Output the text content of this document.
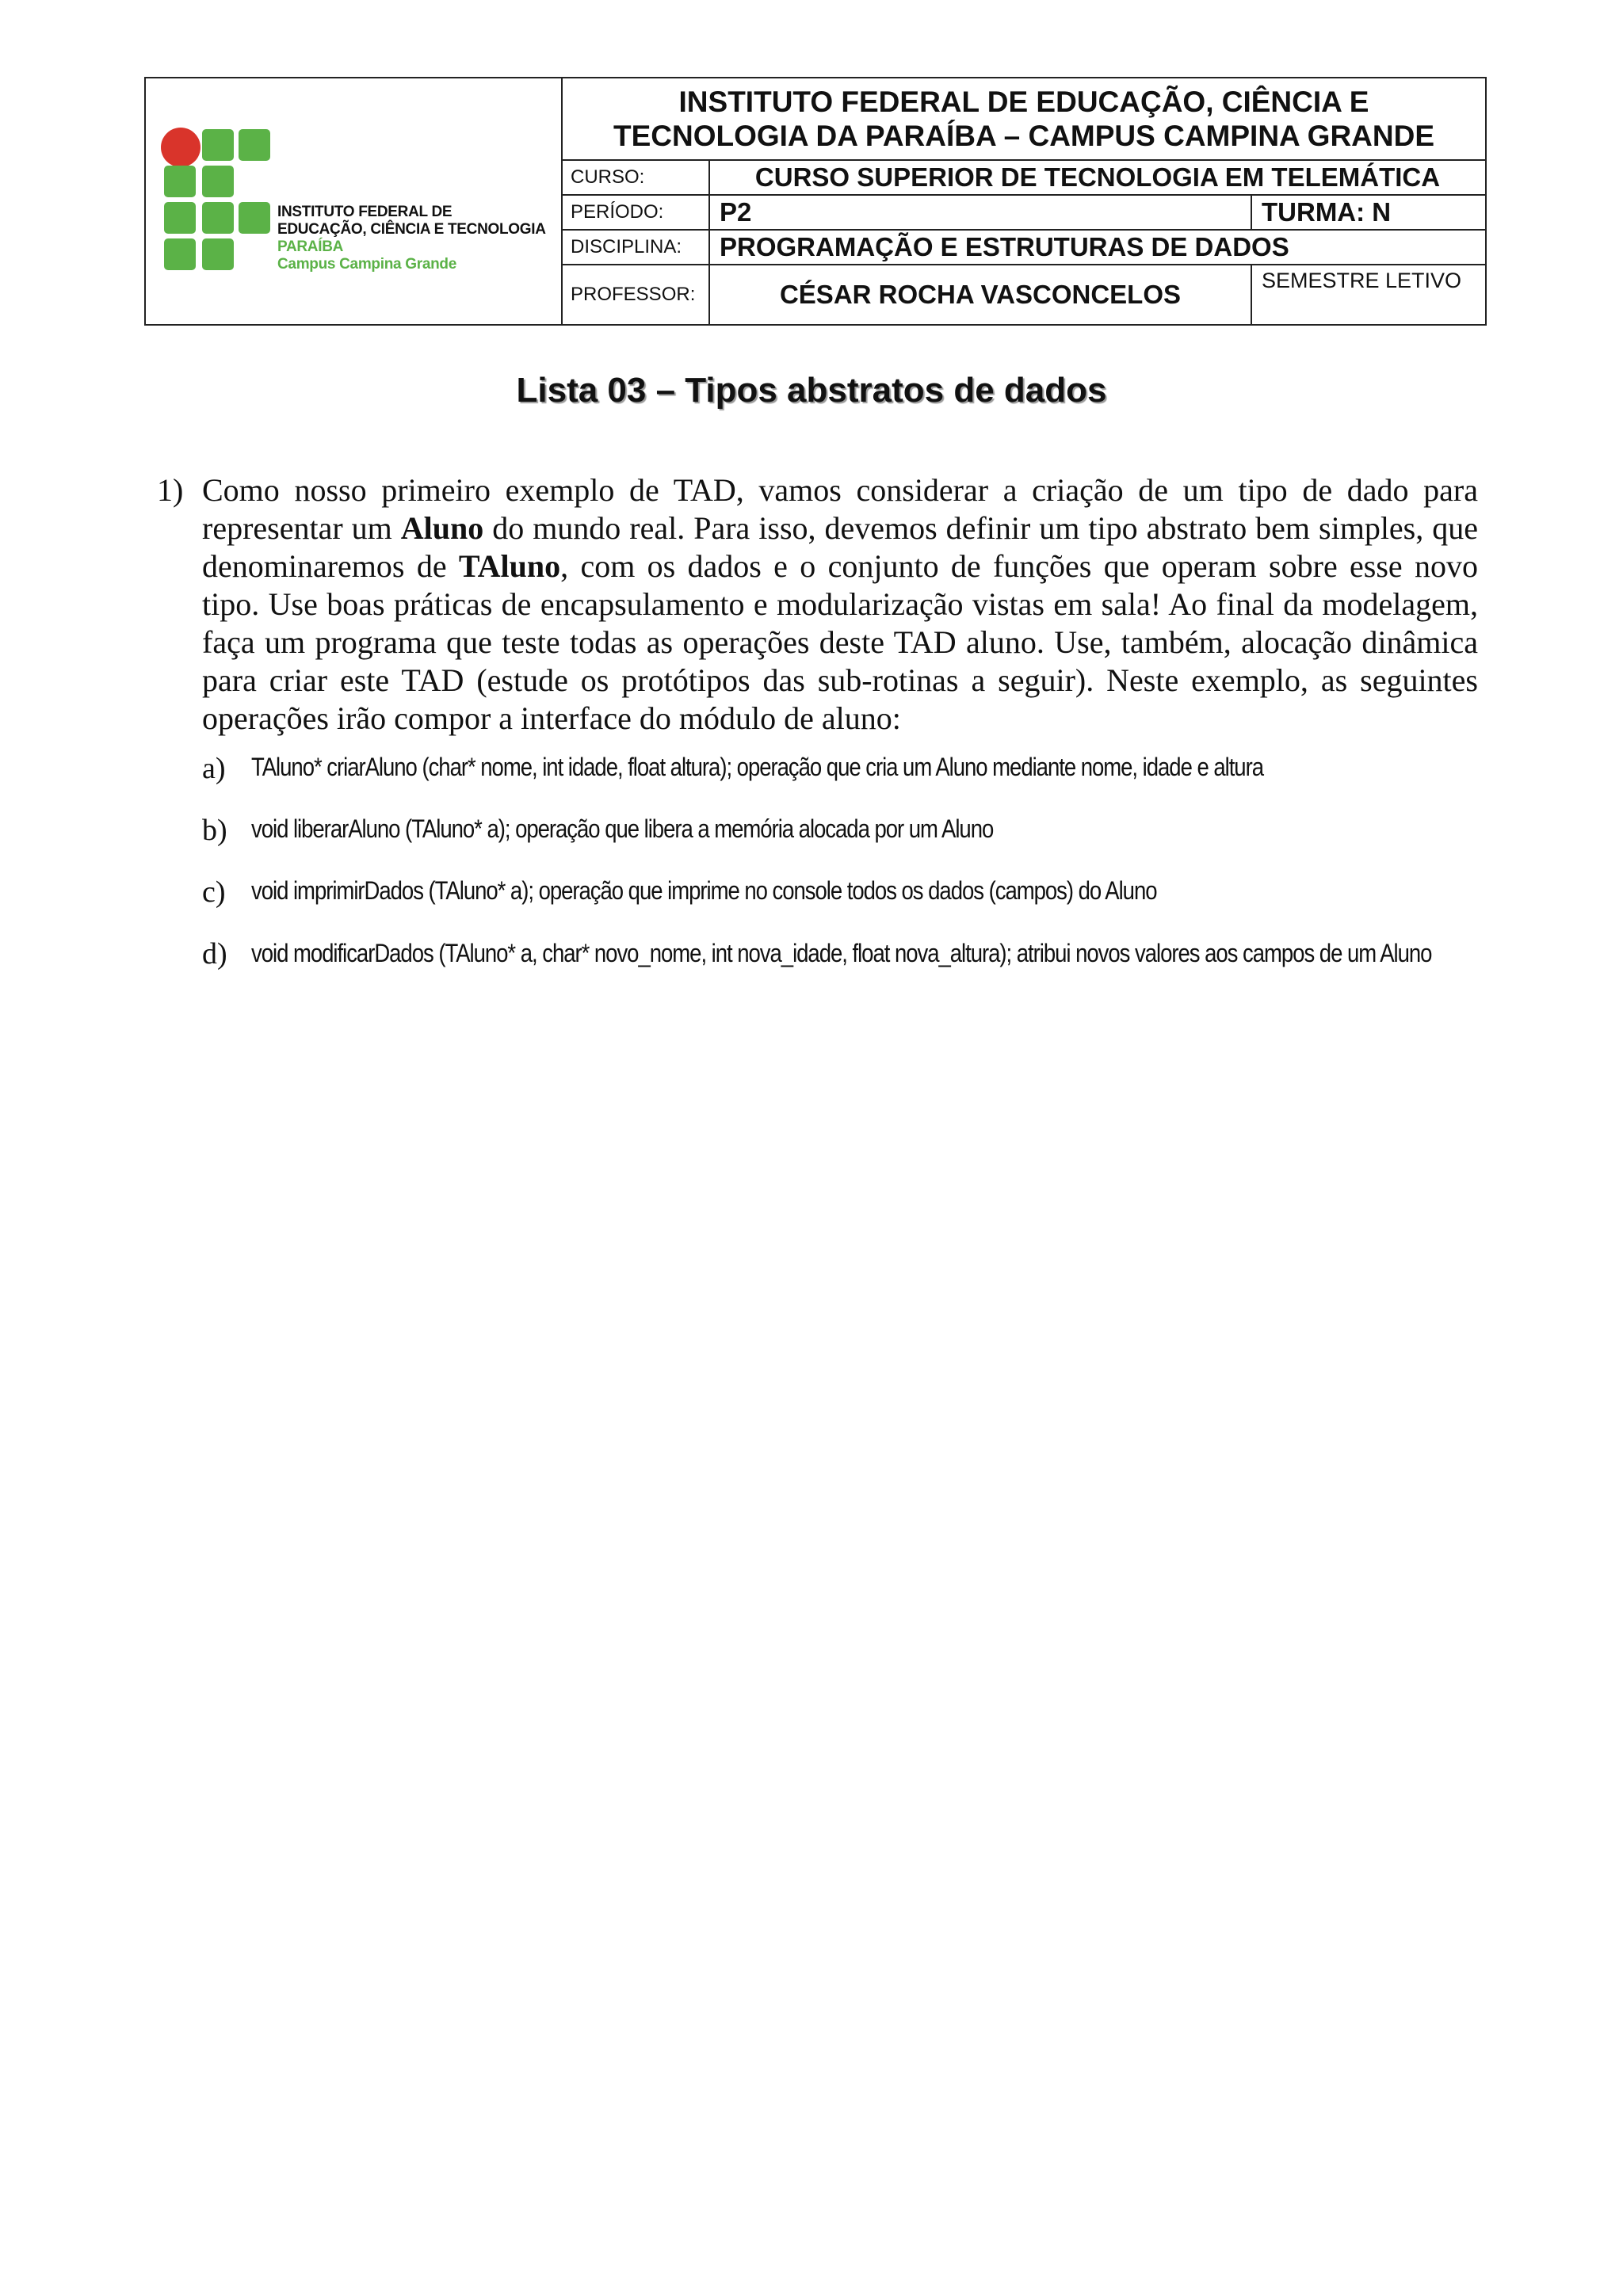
INSTITUTO FEDERAL DE
EDUCAÇÃO, CIÊNCIA E TECNOLOGIA
PARAÍBA
Campus Campina Grande
INSTITUTO FEDERAL DE EDUCAÇÃO, CIÊNCIA E
TECNOLOGIA DA PARAÍBA – CAMPUS CAMPINA GRANDE
CURSO:	CURSO SUPERIOR DE TECNOLOGIA EM TELEMÁTICA
PERÍODO:	P2	TURMA: N
DISCIPLINA:	PROGRAMAÇÃO E ESTRUTURAS DE DADOS
PROFESSOR:	CÉSAR ROCHA VASCONCELOS	SEMESTRE LETIVO
Lista 03 – Tipos abstratos de dados
1) Como nosso primeiro exemplo de TAD, vamos considerar a criação de um tipo de dado para representar um Aluno do mundo real. Para isso, devemos definir um tipo abstrato bem simples, que denominaremos de TAluno, com os dados e o conjunto de funções que operam sobre esse novo tipo. Use boas práticas de encapsulamento e modularização vistas em sala! Ao final da modelagem, faça um programa que teste todas as operações deste TAD aluno. Use, também, alocação dinâmica para criar este TAD (estude os protótipos das sub-rotinas a seguir). Neste exemplo, as seguintes operações irão compor a interface do módulo de aluno:

a) TAluno* criarAluno (char* nome, int idade, float altura); operação que cria um Aluno mediante nome, idade e altura
b) void liberarAluno (TAluno* a); operação que libera a memória alocada por um Aluno
c) void imprimirDados (TAluno* a); operação que imprime no console todos os dados (campos) do Aluno
d) void modificarDados (TAluno* a, char* novo_nome, int nova_idade, float nova_altura); atribui novos valores aos campos de um Aluno
